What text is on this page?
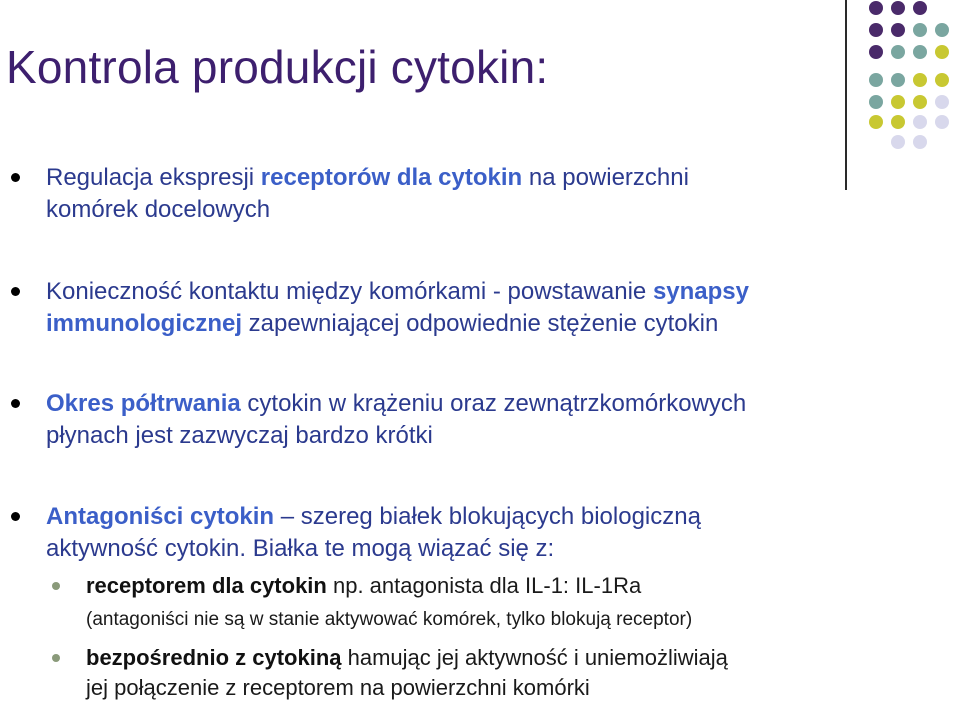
Kontrola produkcji cytokin:
Regulacja ekspresji receptorów dla cytokin na powierzchni
komórek docelowych
Konieczność kontaktu między komórkami - powstawanie synapsy
immunologicznej zapewniającej odpowiednie stężenie cytokin
Okres półtrwania cytokin w krążeniu oraz zewnątrzkomórkowych
płynach jest zazwyczaj bardzo krótki
Antagoniści cytokin – szereg białek blokujących biologiczną
aktywność cytokin. Białka te mogą wiązać się z:
receptorem dla cytokin np. antagonista dla IL-1: IL-1Ra
(antagoniści nie są w stanie aktywować komórek, tylko blokują receptor)
bezpośrednio z cytokiną hamując jej aktywność i uniemożliwiają
jej połączenie z receptorem na powierzchni komórki
